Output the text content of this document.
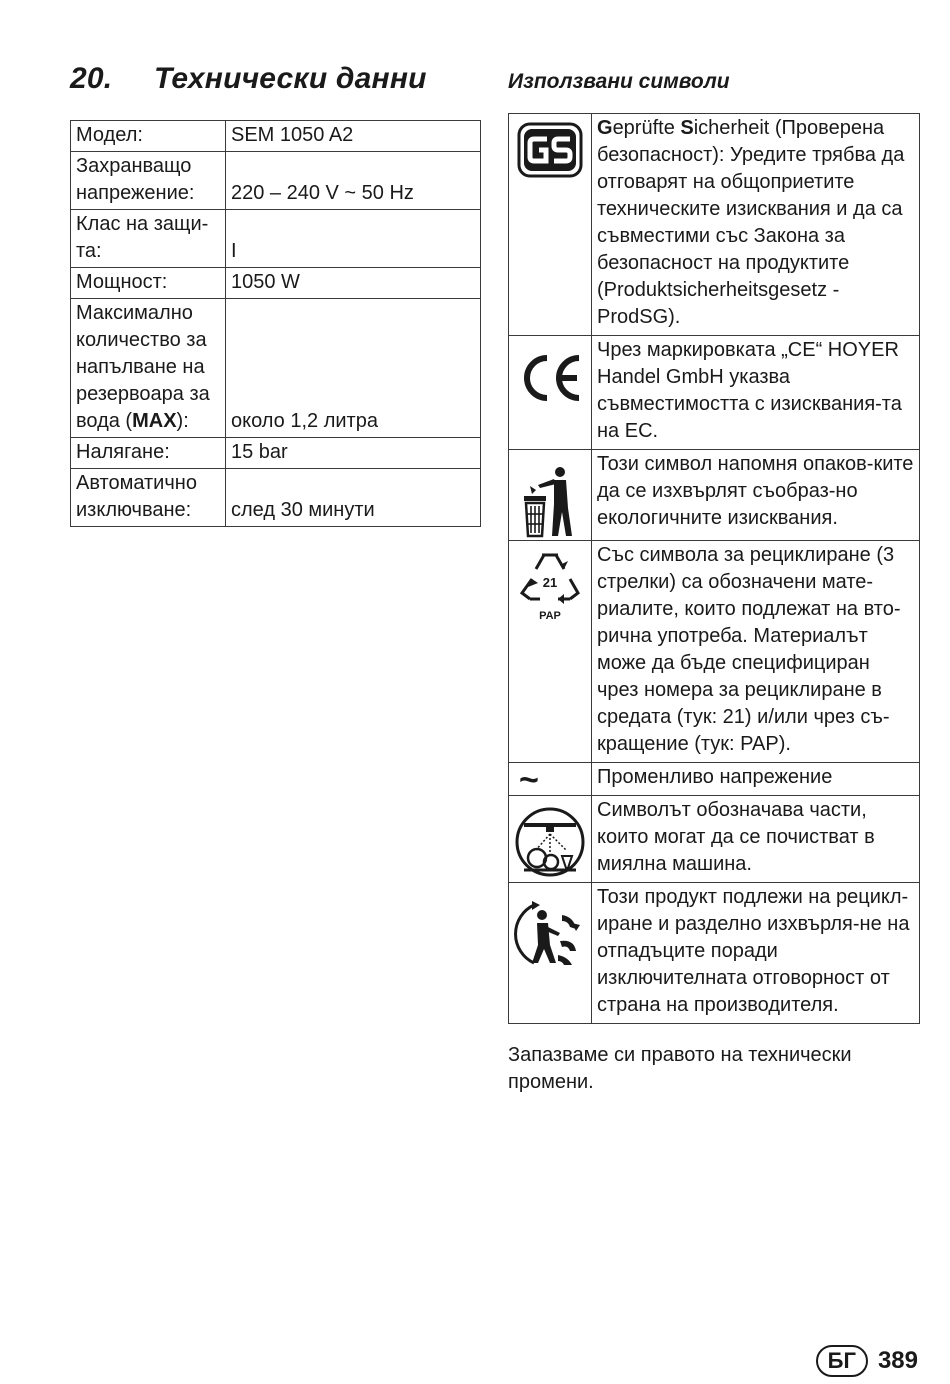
20. Технически данни
Модел:	SEM 1050 A2
Захранващо напрежение:	220 – 240 V ~ 50 Hz
Клас на защи-та:	I
Мощност:	1050 W
Максимално количество за напълване на резервоара за вода (MAX):	около 1,2 литра
Налягане:	15 bar
Автоматично изключване:	след 30 минути
Използвани символи
	Geprüfte Sicherheit (Проверена безопасност): Уредите трябва да отговарят на общоприетите техническите изисквания и да са съвместими със Закона за безопасност на продуктите (Produktsicherheitsgesetz - ProdSG).

	Чрез маркировката „CE“ HOYER Handel GmbH указва съвместимостта с изисквания-та на ЕС.

	Този символ напомня опаков-ките да се изхвърлят съобраз-но екологичните изисквания.

21
PAP	Със символа за рециклиране (3 стрелки) са обозначени мате-риалите, които подлежат на вто-рична употреба. Материалът може да бъде специфициран чрез номера за рециклиране в средата (тук: 21) и/или чрез съ-кращение (тук: PAP).

~	Променливо напрежение

	Символът обозначава части, които могат да се почистват в миялна машина.

	Този продукт подлежи на рецикл-иране и разделно изхвърля-не на отпадъците поради изключителната отговорност от страна на производителя.

Запазваме си правото на технически промени.

БГ 389
